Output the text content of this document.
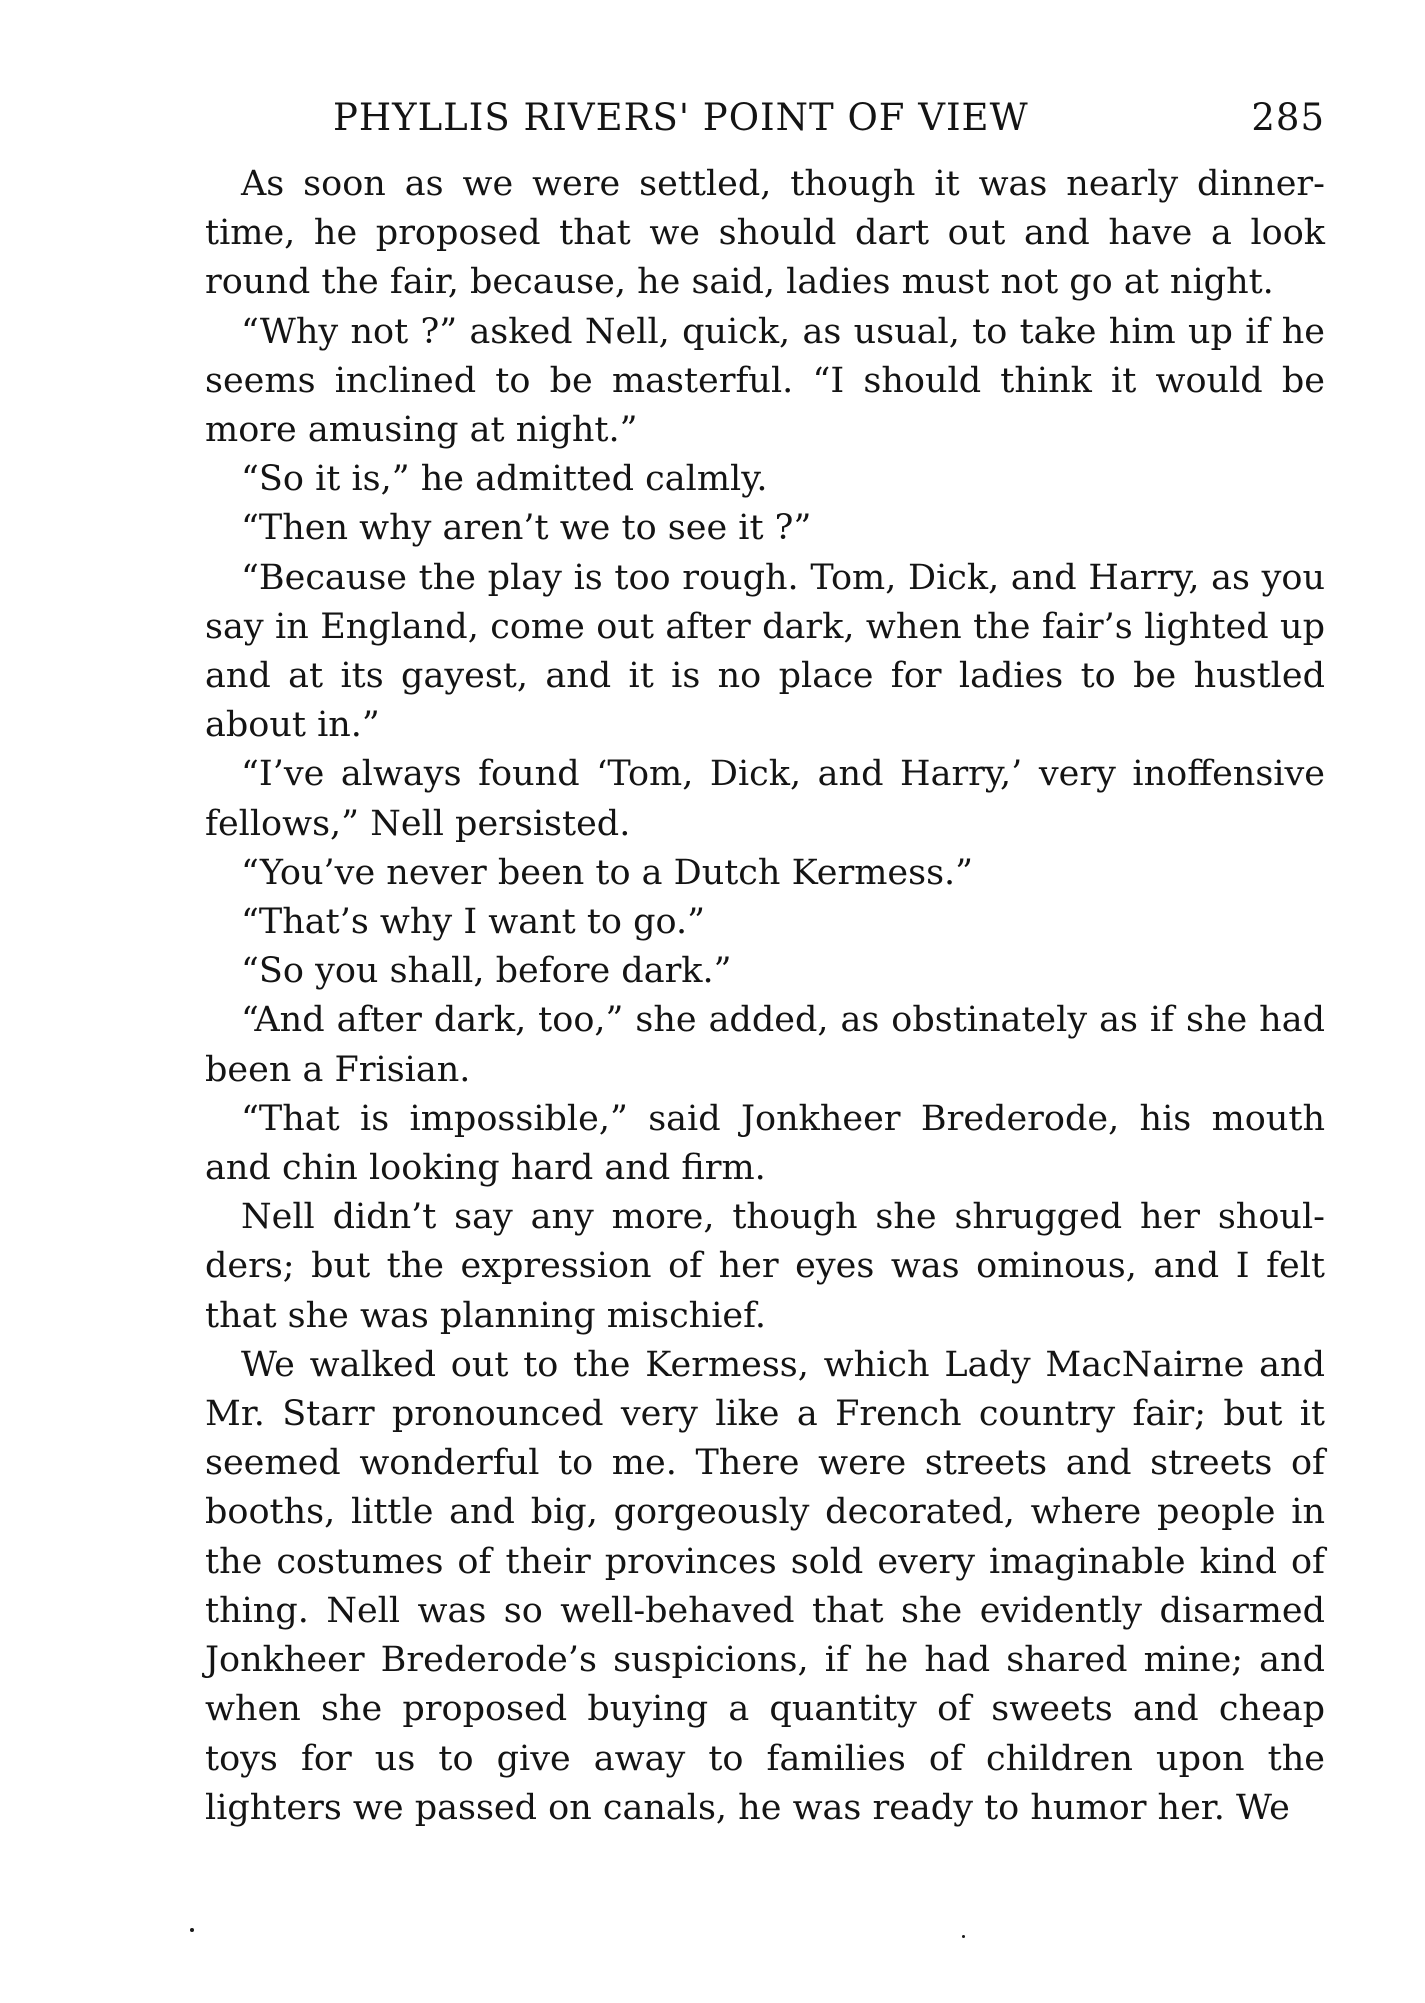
PHYLLIS RIVERS' POINT OF VIEW	285

As soon as we were settled, though it was nearly dinnertime, he proposed that we should dart out and have a look round the fair, because, he said, ladies must not go at night.

“Why not ?” asked Nell, quick, as usual, to take him up if he seems inclined to be masterful. “I should think it would be more amusing at night.”

“So it is,” he admitted calmly.

“Then why aren’t we to see it ?”

“Because the play is too rough. Tom, Dick, and Harry, as you say in England, come out after dark, when the fair’s lighted up and at its gayest, and it is no place for ladies to be hustled about in.”

“I’ve always found ‘Tom, Dick, and Harry,’ very inoffensive fellows,” Nell persisted.

“You’ve never been to a Dutch Kermess.”

“That’s why I want to go.”

“So you shall, before dark.”

“And after dark, too,” she added, as obstinately as if she had been a Frisian.

“That is impossible,” said Jonkheer Brederode, his mouth and chin looking hard and firm.

Nell didn’t say any more, though she shrugged her shoulders; but the expression of her eyes was ominous, and I felt that she was planning mischief.

We walked out to the Kermess, which Lady MacNairne and Mr. Starr pronounced very like a French country fair; but it seemed wonderful to me. There were streets and streets of booths, little and big, gorgeously decorated, where people in the costumes of their provinces sold every imaginable kind of thing. Nell was so well-behaved that she evidently disarmed Jonkheer Brederode’s suspicions, if he had shared mine; and when she proposed buying a quantity of sweets and cheap toys for us to give away to families of children upon the lighters we passed on canals, he was ready to humor her. We
